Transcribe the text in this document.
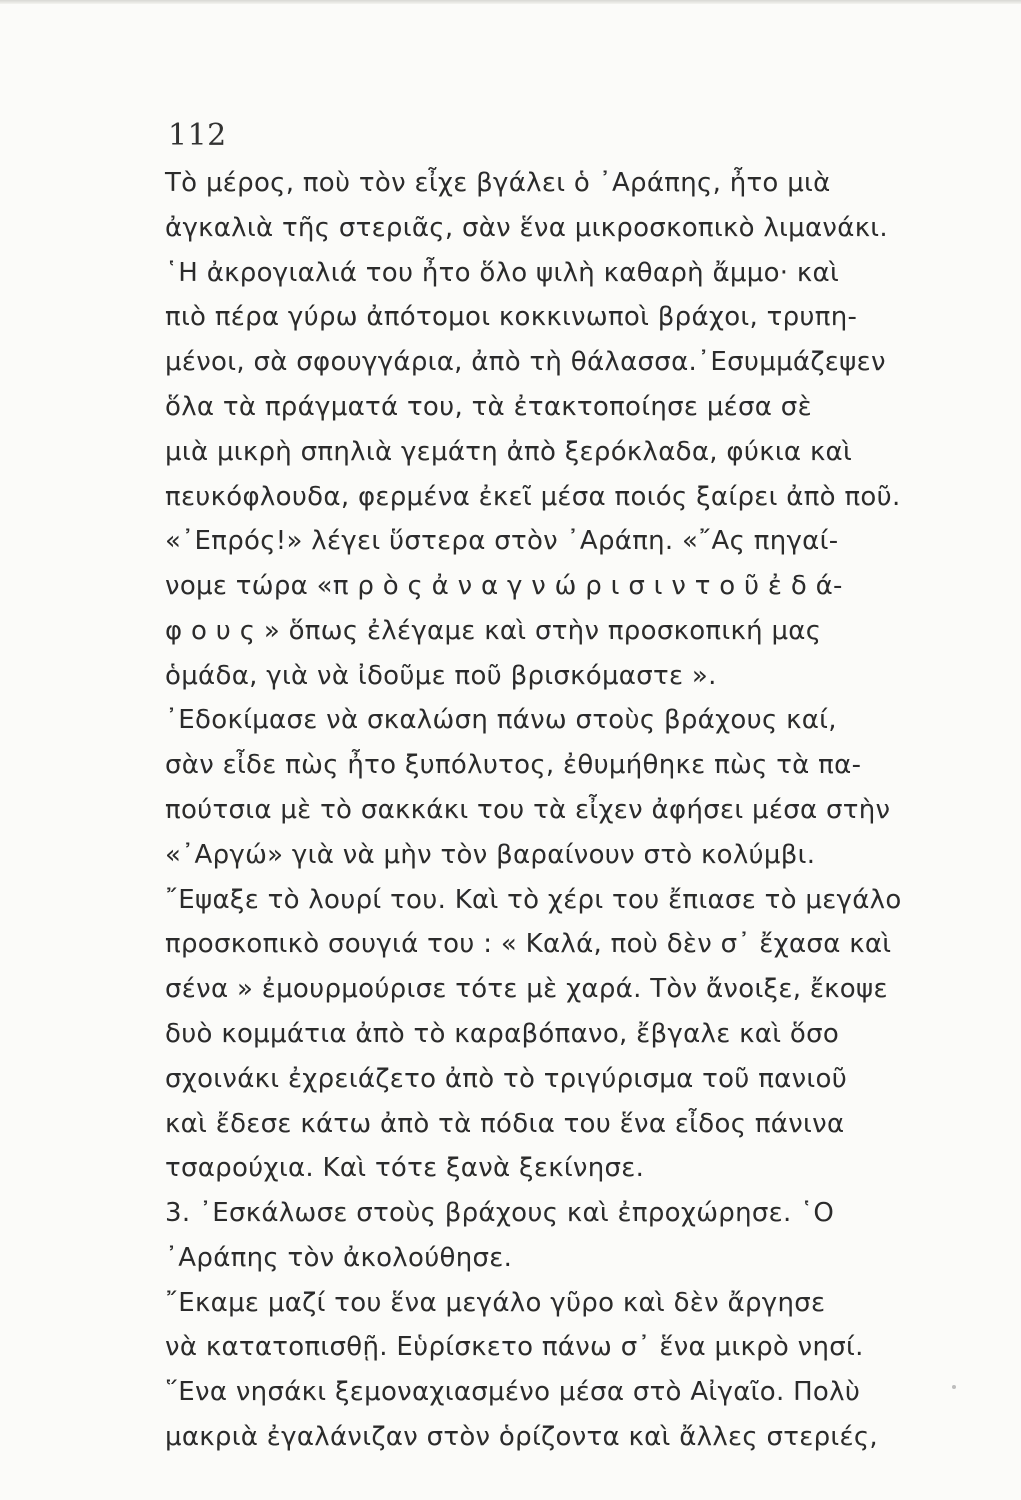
112
Τὸ μέρος, ποὺ τὸν εἶχε βγάλει ὁ ᾿Αράπης, ἦτο μιὰ
ἀγκαλιὰ τῆς στεριᾶς, σὰν ἕνα μικροσκοπικὸ λιμανάκι.
῾Η ἀκρογιαλιά του ἦτο ὅλο ψιλὴ καθαρὴ ἄμμο· καὶ
πιὸ πέρα γύρω ἀπότομοι κοκκινωποὶ βράχοι, τρυπη-
μένοι, σὰ σφουγγάρια, ἀπὸ τὴ θάλασσα.᾿Εσυμμάζεψεν
ὅλα τὰ πράγματά του, τὰ ἐτακτοποίησε μέσα σὲ
μιὰ μικρὴ σπηλιὰ γεμάτη ἀπὸ ξερόκλαδα, φύκια καὶ
πευκόφλουδα, φερμένα ἐκεῖ μέσα ποιός ξαίρει ἀπὸ ποῦ.
«᾿Επρός!» λέγει ὕστερα στὸν ᾿Αράπη. «῎Ας πηγαί-
νομε τώρα «π ρ ὸ ς ἀ ν α γ ν ώ ρ ι σ ι ν τ ο ῦ ἐ δ ά-
φ ο υ ς » ὅπως ἐλέγαμε καὶ στὴν προσκοπική μας
ὁμάδα, γιὰ νὰ ἰδοῦμε ποῦ βρισκόμαστε ».
᾿Εδοκίμασε νὰ σκαλώση πάνω στοὺς βράχους καί,
σὰν εἶδε πὼς ἦτο ξυπόλυτος, ἐθυμήθηκε πὼς τὰ πα-
πούτσια μὲ τὸ σακκάκι του τὰ εἶχεν ἀφήσει μέσα στὴν
«᾿Αργώ» γιὰ νὰ μὴν τὸν βαραίνουν στὸ κολύμβι.
῎Εψαξε τὸ λουρί του. Καὶ τὸ χέρι του ἔπιασε τὸ μεγάλο
προσκοπικὸ σουγιά του : « Καλά, ποὺ δὲν σ᾿ ἔχασα καὶ
σένα » ἐμουρμούρισε τότε μὲ χαρά. Τὸν ἄνοιξε, ἔκοψε
δυὸ κομμάτια ἀπὸ τὸ καραβόπανο, ἔβγαλε καὶ ὅσο
σχοινάκι ἐχρειάζετο ἀπὸ τὸ τριγύρισμα τοῦ πανιοῦ
καὶ ἔδεσε κάτω ἀπὸ τὰ πόδια του ἕνα εἶδος πάνινα
τσαρούχια. Καὶ τότε ξανὰ ξεκίνησε.
3. ᾿Εσκάλωσε στοὺς βράχους καὶ ἐπροχώρησε. ῾Ο
᾿Αράπης τὸν ἀκολούθησε.
῎Εκαμε μαζί του ἕνα μεγάλο γῦρο καὶ δὲν ἄργησε
νὰ κατατοπισθῇ. Εὑρίσκετο πάνω σ᾿ ἕνα μικρὸ νησί.
῞Ενα νησάκι ξεμοναχιασμένο μέσα στὸ Αἰγαῖο. Πολὺ
μακριὰ ἐγαλάνιζαν στὸν ὁρίζοντα καὶ ἄλλες στεριές,
